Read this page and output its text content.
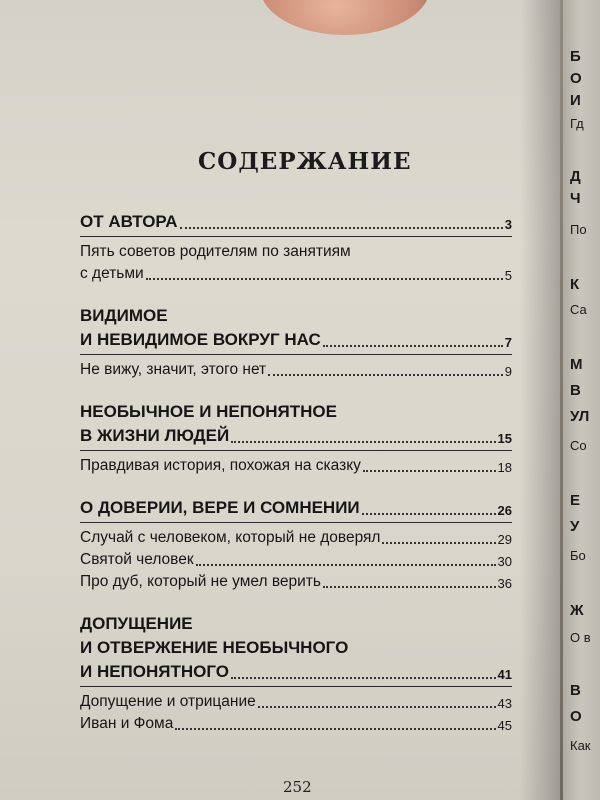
СОДЕРЖАНИЕ
ОТ АВТОРА	3
Пять советов родителям по занятиям
с детьми	5
ВИДИМОЕ
И НЕВИДИМОЕ ВОКРУГ НАС	7
Не вижу, значит, этого нет	9
НЕОБЫЧНОЕ И НЕПОНЯТНОЕ
В ЖИЗНИ ЛЮДЕЙ	15
Правдивая история, похожая на сказку	18
О ДОВЕРИИ, ВЕРЕ И СОМНЕНИИ	26
Случай с человеком, который не доверял	29
Святой человек	30
Про дуб, который не умел верить	36
ДОПУЩЕНИЕ
И ОТВЕРЖЕНИЕ НЕОБЫЧНОГО
И НЕПОНЯТНОГО	41
Допущение и отрицание	43
Иван и Фома	45
252
Б
О
И
Гд
Д
Ч
По
К
Са
М
В
УЛ
Со
Е
У
Бо
Ж
О в
В
О
Как
